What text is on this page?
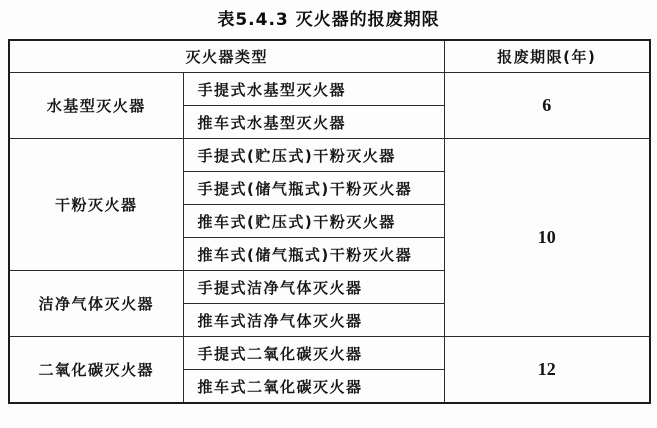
表5.4.3 灭火器的报废期限
灭火器类型		报废期限(年)
水基型灭火器	手提式水基型灭火器	6
	推车式水基型灭火器	
干粉灭火器	手提式(贮压式)干粉灭火器	10
	手提式(储气瓶式)干粉灭火器	
	推车式(贮压式)干粉灭火器	
	推车式(储气瓶式)干粉灭火器	
洁净气体灭火器	手提式洁净气体灭火器	
	推车式洁净气体灭火器	
二氧化碳灭火器	手提式二氧化碳灭火器	12
	推车式二氧化碳灭火器	
